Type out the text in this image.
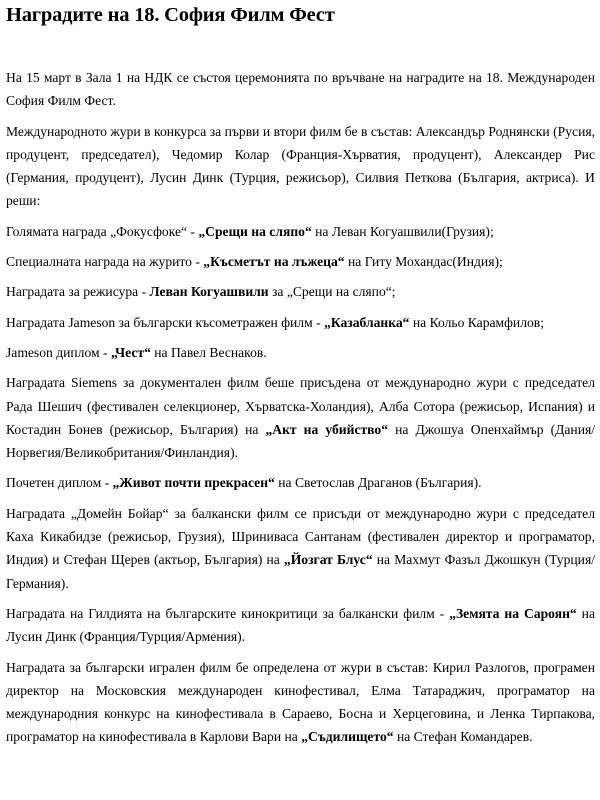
Наградите на 18. София Филм Фест

На 15 март в Зала 1 на НДК се състоя церемонията по връчване на наградите на 18. Международен София Филм Фест.

Международното жури в конкурса за първи и втори филм бе в състав: Александър Роднянски (Русия, продуцент, председател), Чедомир Колар (Франция-Хърватия, продуцент), Александер Рис (Германия, продуцент), Лусин Динк (Турция, режисьор), Силвия Петкова (България, актриса). И реши:

Голямата награда „Фокусфоке“ - „Срещи на сляпо“ на Леван Когуашвили(Грузия);

Специалната награда на журито - „Късметът на лъжеца“ на Гиту Мохандас(Индия);

Наградата за режисура - Леван Когуашвили за „Срещи на сляпо“;

Наградата Jameson за български късометражен филм - „Казабланка“ на Кольо Карамфилов;

Jameson диплом - „Чест“ на Павел Веснаков.

Наградата Siemens за документален филм беше присъдена от международно жури с председател Рада Шешич (фестивален селекционер, Хърватска-Холандия), Алба Сотора (режисьор, Испания) и Костадин Бонев (режисьор, България) на „Акт на убийство“ на Джошуа Опенхаймър (Дания/Норвегия/Великобритания/Финландия).

Почетен диплом - „Живот почти прекрасен“ на Светослав Драганов (България).

Наградата „Домейн Бойар“ за балкански филм се присъди от международно жури с председател Каха Кикабидзе (режисьор, Грузия), Шриниваса Сантанам (фестивален директор и програматор, Индия) и Стефан Щерев (актьор, България) на „Йозгат Блус“ на Махмут Фазъл Джошкун (Турция/Германия).

Наградата на Гилдията на българските кинокритици за балкански филм - „Земята на Сароян“ на Лусин Динк (Франция/Турция/Армения).

Наградата за български игрален филм бе определена от жури в състав: Кирил Разлогов, програмен директор на Московския международен кинофестивал, Елма Татараджич, програматор на международния конкурс на кинофестивала в Сараево, Босна и Херцеговина, и Ленка Тирпакова, програматор на кинофестивала в Карлови Вари на „Съдилището“ на Стефан Командарев.
